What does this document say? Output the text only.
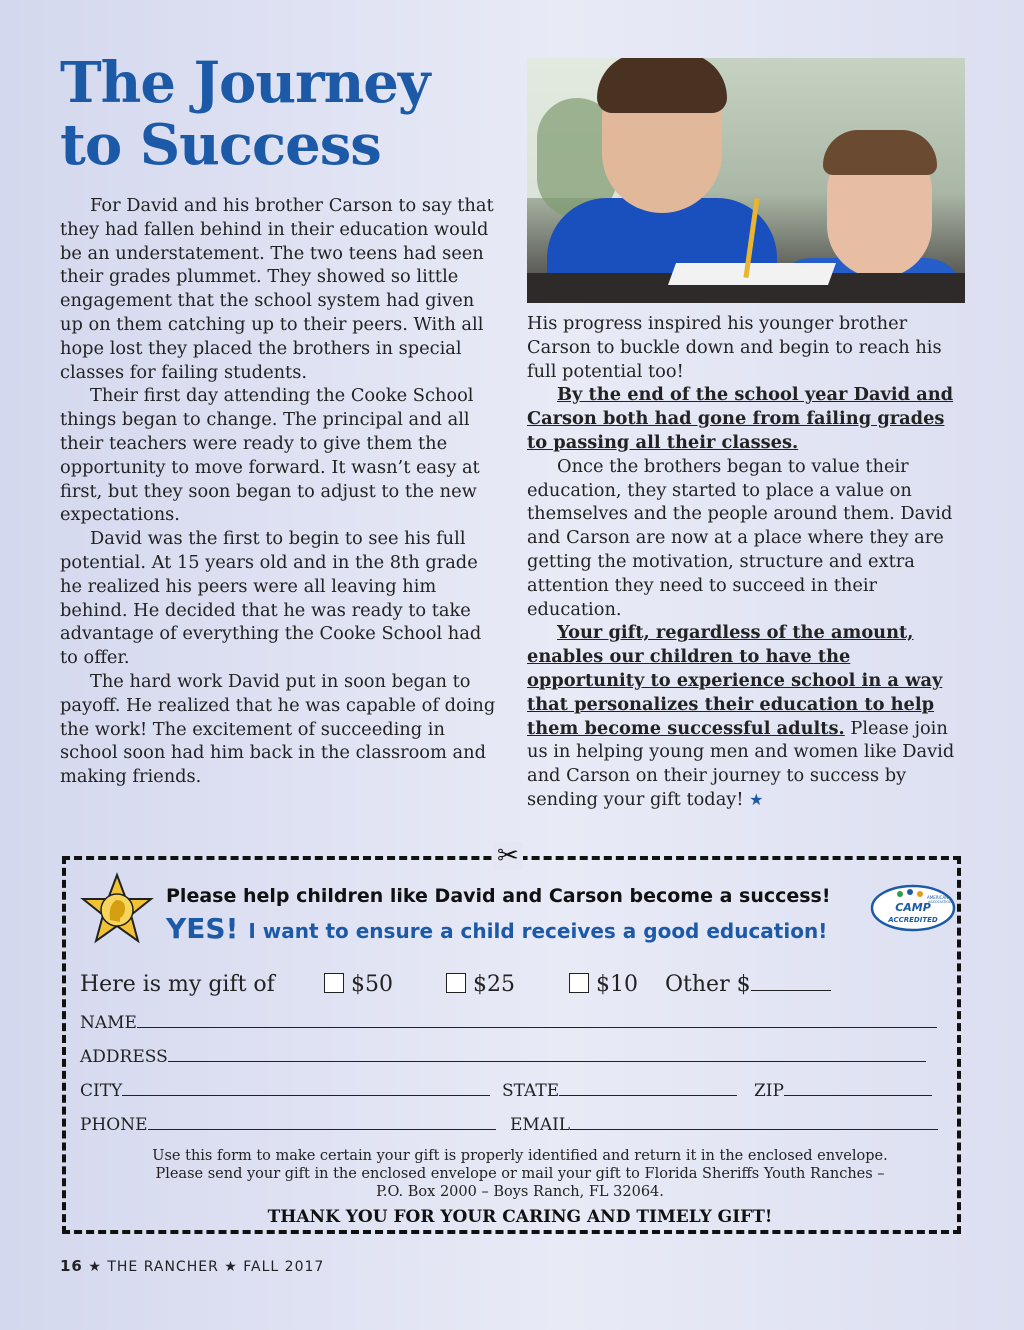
The Journey
to Success

For David and his brother Carson to say that they had fallen behind in their education would be an understatement. The two teens had seen their grades plummet. They showed so little engagement that the school system had given up on them catching up to their peers. With all hope lost they placed the brothers in special classes for failing students.

Their first day attending the Cooke School things began to change. The principal and all their teachers were ready to give them the opportunity to move forward. It wasn’t easy at first, but they soon began to adjust to the new expectations.

David was the first to begin to see his full potential. At 15 years old and in the 8th grade he realized his peers were all leaving him behind. He decided that he was ready to take advantage of everything the Cooke School had to offer.

The hard work David put in soon began to payoff. He realized that he was capable of doing the work! The excitement of succeeding in school soon had him back in the classroom and making friends.

His progress inspired his younger brother Carson to buckle down and begin to reach his full potential too!

By the end of the school year David and Carson both had gone from failing grades to passing all their classes.

Once the brothers began to value their education, they started to place a value on themselves and the people around them. David and Carson are now at a place where they are getting the motivation, structure and extra attention they need to succeed in their education.

Your gift, regardless of the amount, enables our children to have the opportunity to experience school in a way that personalizes their education to help them become successful adults. Please join us in helping young men and women like David and Carson on their journey to success by sending your gift today! ★

✂

Please help children like David and Carson become a success!

YES! I want to ensure a child receives a good education!
AMERICAN
CAMP
ASSOCIATION
ACCREDITED
Here is my gift of	$50	$25	$10 Other $
NAME
ADDRESS
CITY	STATE	ZIP
PHONE	EMAIL

Use this form to make certain your gift is properly identified and return it in the enclosed envelope.
Please send your gift in the enclosed envelope or mail your gift to Florida Sheriffs Youth Ranches –
P.O. Box 2000 – Boys Ranch, FL 32064.

THANK YOU FOR YOUR CARING AND TIMELY GIFT!

16 ★ THE RANCHER ★ FALL 2017
